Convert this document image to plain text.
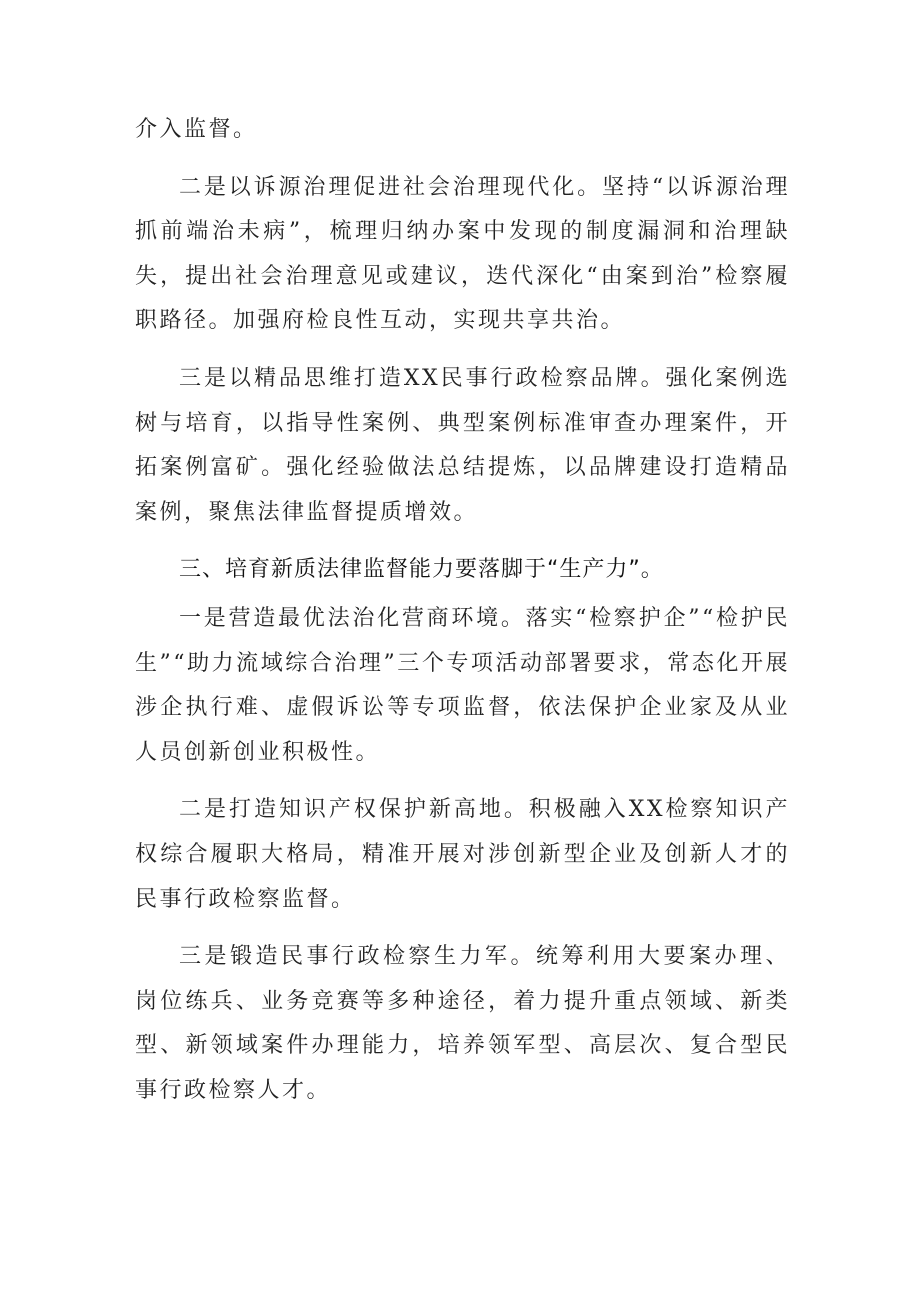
介入监督。

二是以诉源治理促进社会治理现代化。坚持“以诉源治理抓前端治未病”，梳理归纳办案中发现的制度漏洞和治理缺失，提出社会治理意见或建议，迭代深化“由案到治”检察履职路径。加强府检良性互动，实现共享共治。

三是以精品思维打造XX民事行政检察品牌。强化案例选树与培育，以指导性案例、典型案例标准审查办理案件，开拓案例富矿。强化经验做法总结提炼，以品牌建设打造精品案例，聚焦法律监督提质增效。

三、培育新质法律监督能力要落脚于“生产力”。

一是营造最优法治化营商环境。落实“检察护企”“检护民生”“助力流域综合治理”三个专项活动部署要求，常态化开展涉企执行难、虚假诉讼等专项监督，依法保护企业家及从业人员创新创业积极性。

二是打造知识产权保护新高地。积极融入XX检察知识产权综合履职大格局，精准开展对涉创新型企业及创新人才的民事行政检察监督。

三是锻造民事行政检察生力军。统筹利用大要案办理、岗位练兵、业务竞赛等多种途径，着力提升重点领域、新类型、新领域案件办理能力，培养领军型、高层次、复合型民事行政检察人才。
